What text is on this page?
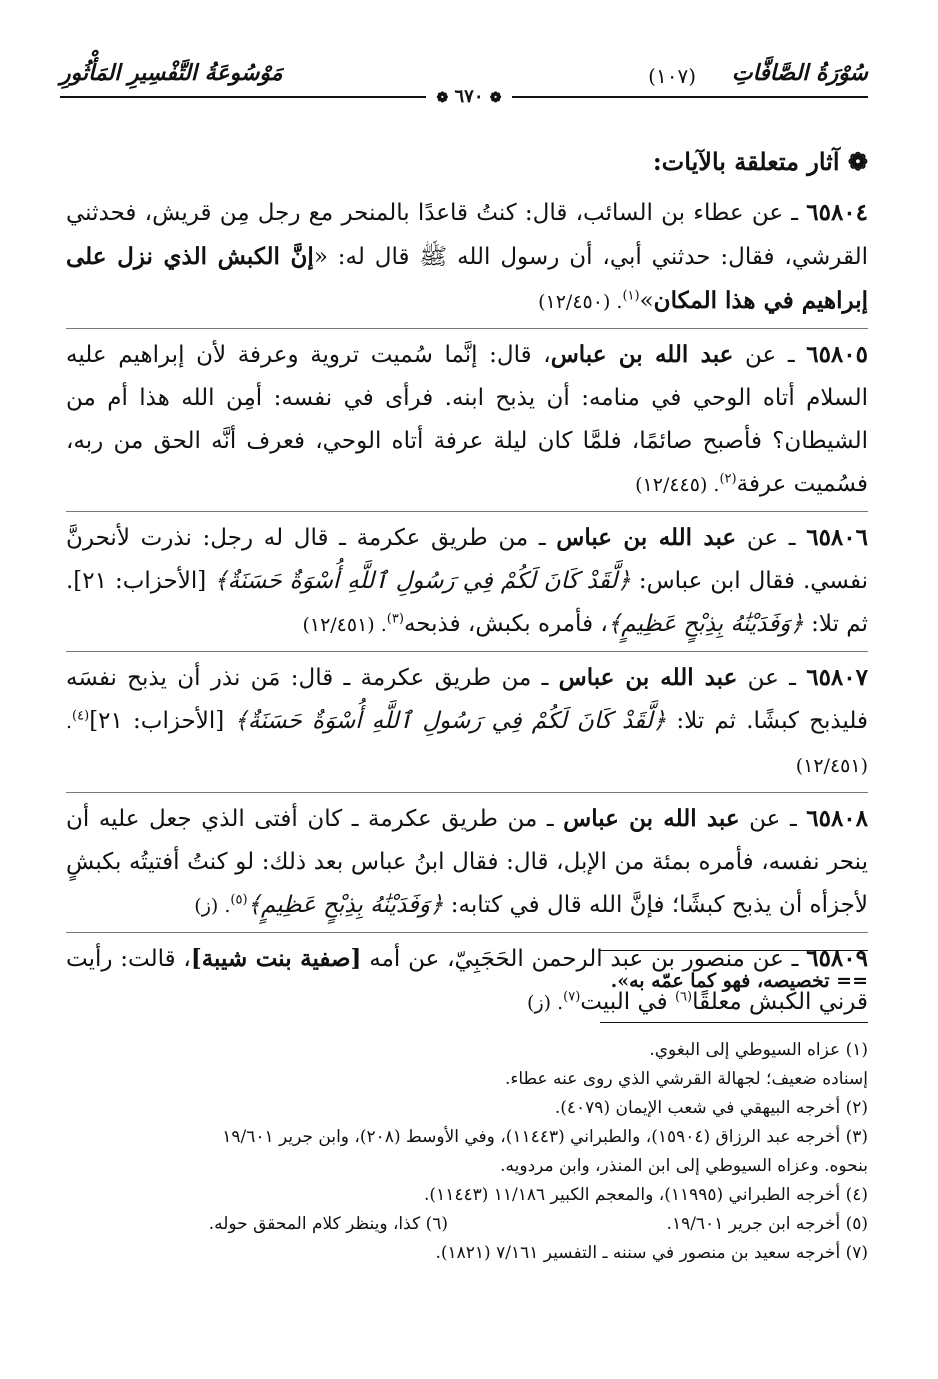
سُوْرَةُ الصَّافَّاتِ
(١٠٧)
مَوْسُوعَةُ التَّفْسِيرِ المَأْثُورِ
❁ ٦٧٠ ❁
❁ آثار متعلقة بالآيات:

٦٥٨٠٤ ـ عن عطاء بن السائب، قال: كنتُ قاعدًا بالمنحر مع رجل مِن قريش، فحدثني القرشي، فقال: حدثني أبي، أن رسول الله ﷺ قال له: «إنَّ الكبش الذي نزل على إبراهيم في هذا المكان»$^{(١)}$. (١٢/٤٥٠)

٦٥٨٠٥ ـ عن عبد الله بن عباس، قال: إنَّما سُميت تروية وعرفة لأن إبراهيم عليه السلام أتاه الوحي في منامه: أن يذبح ابنه. فرأى في نفسه: أمِن الله هذا أم من الشيطان؟ فأصبح صائمًا، فلمَّا كان ليلة عرفة أتاه الوحي، فعرف أنَّه الحق من ربه، فسُميت عرفة$^{(٢)}$. (١٢/٤٤٥)

٦٥٨٠٦ ـ عن عبد الله بن عباس ـ من طريق عكرمة ـ قال له رجل: نذرت لأنحرنَّ نفسي. فقال ابن عباس: ﴿لَّقَدْ كَانَ لَكُمْ فِي رَسُولِ ٱللَّهِ أُسْوَةٌ حَسَنَةٌ﴾ [الأحزاب: ٢١]. ثم تلا: ﴿وَفَدَيْنَٰهُ بِذِبْحٍ عَظِيمٍ﴾، فأمره بكبش، فذبحه$^{(٣)}$. (١٢/٤٥١)

٦٥٨٠٧ ـ عن عبد الله بن عباس ـ من طريق عكرمة ـ قال: مَن نذر أن يذبح نفسَه فليذبح كبشًا. ثم تلا: ﴿لَّقَدْ كَانَ لَكُمْ فِي رَسُولِ ٱللَّهِ أُسْوَةٌ حَسَنَةٌ﴾ [الأحزاب: ٢١]$^{(٤)}$. (١٢/٤٥١)

٦٥٨٠٨ ـ عن عبد الله بن عباس ـ من طريق عكرمة ـ كان أفتى الذي جعل عليه أن ينحر نفسه، فأمره بمئة من الإبل، قال: فقال ابنُ عباس بعد ذلك: لو كنتُ أفتيتُه بكبشٍ لأجزأه أن يذبح كبشًا؛ فإنَّ الله قال في كتابه: ﴿وَفَدَيْنَٰهُ بِذِبْحٍ عَظِيمٍ﴾$^{(٥)}$. (ز)

٦٥٨٠٩ ـ عن منصور بن عبد الرحمن الحَجَبِيّ، عن أمه [صفية بنت شيبة]، قالت: رأيت قرني الكبش معلقًا$^{(٦)}$ في البيت$^{(٧)}$. (ز)

== تخصيصه، فهو كما عمّه به».
(١) عزاه السيوطي إلى البغوي.
إسناده ضعيف؛ لجهالة القرشي الذي روى عنه عطاء.
(٢) أخرجه البيهقي في شعب الإيمان (٤٠٧٩).
(٣) أخرجه عبد الرزاق (١٥٩٠٤)، والطبراني (١١٤٤٣)، وفي الأوسط (٢٠٨)، وابن جرير ١٩/٦٠١
بنحوه. وعزاه السيوطي إلى ابن المنذر، وابن مردويه.
(٤) أخرجه الطبراني (١١٩٩٥)، والمعجم الكبير ١١/١٨٦ (١١٤٤٣).
(٥) أخرجه ابن جرير ١٩/٦٠١.
(٦) كذا، وينظر كلام المحقق حوله.
(٧) أخرجه سعيد بن منصور في سننه ـ التفسير ٧/١٦١ (١٨٢١).
